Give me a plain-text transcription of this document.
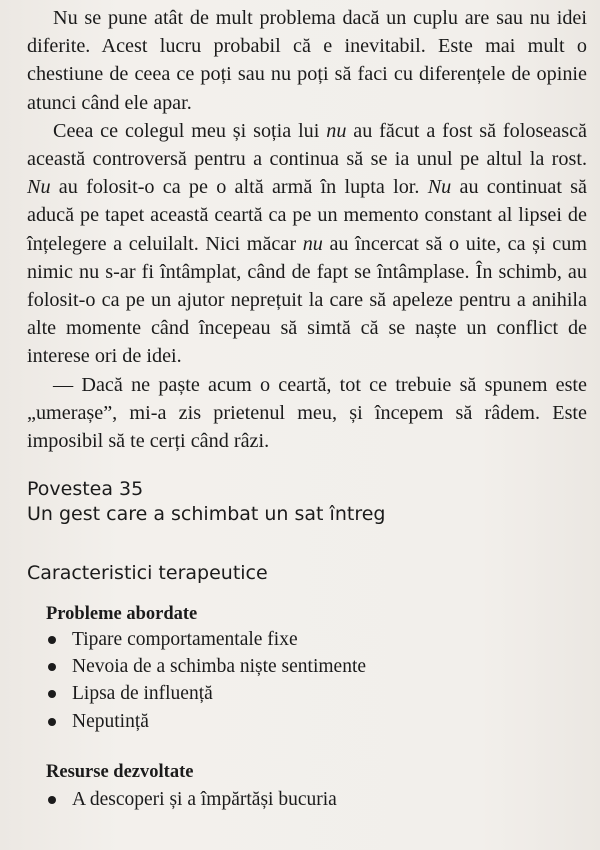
Nu se pune atât de mult problema dacă un cuplu are sau nu idei diferite. Acest lucru probabil că e inevitabil. Este mai mult o chestiune de ceea ce poți sau nu poți să faci cu diferențele de opinie atunci când ele apar.

Ceea ce colegul meu și soția lui nu au făcut a fost să folosească această controversă pentru a continua să se ia unul pe altul la rost. Nu au folosit-o ca pe o altă armă în lupta lor. Nu au continuat să aducă pe tapet această ceartă ca pe un memento constant al lipsei de înțelegere a celuilalt. Nici măcar nu au încercat să o uite, ca și cum nimic nu s-ar fi întâmplat, când de fapt se întâmplase. În schimb, au folosit-o ca pe un ajutor neprețuit la care să apeleze pentru a anihila alte momente când începeau să simtă că se naște un conflict de interese ori de idei.

— Dacă ne paște acum o ceartă, tot ce trebuie să spunem este „umerașe”, mi-a zis prietenul meu, și începem să râdem. Este imposibil să te cerți când râzi.

Povestea 35
Un gest care a schimbat un sat întreg
Caracteristici terapeutice
Probleme abordate
Tipare comportamentale fixe
Nevoia de a schimba niște sentimente
Lipsa de influență
Neputință
Resurse dezvoltate
A descoperi și a împărtăși bucuria
